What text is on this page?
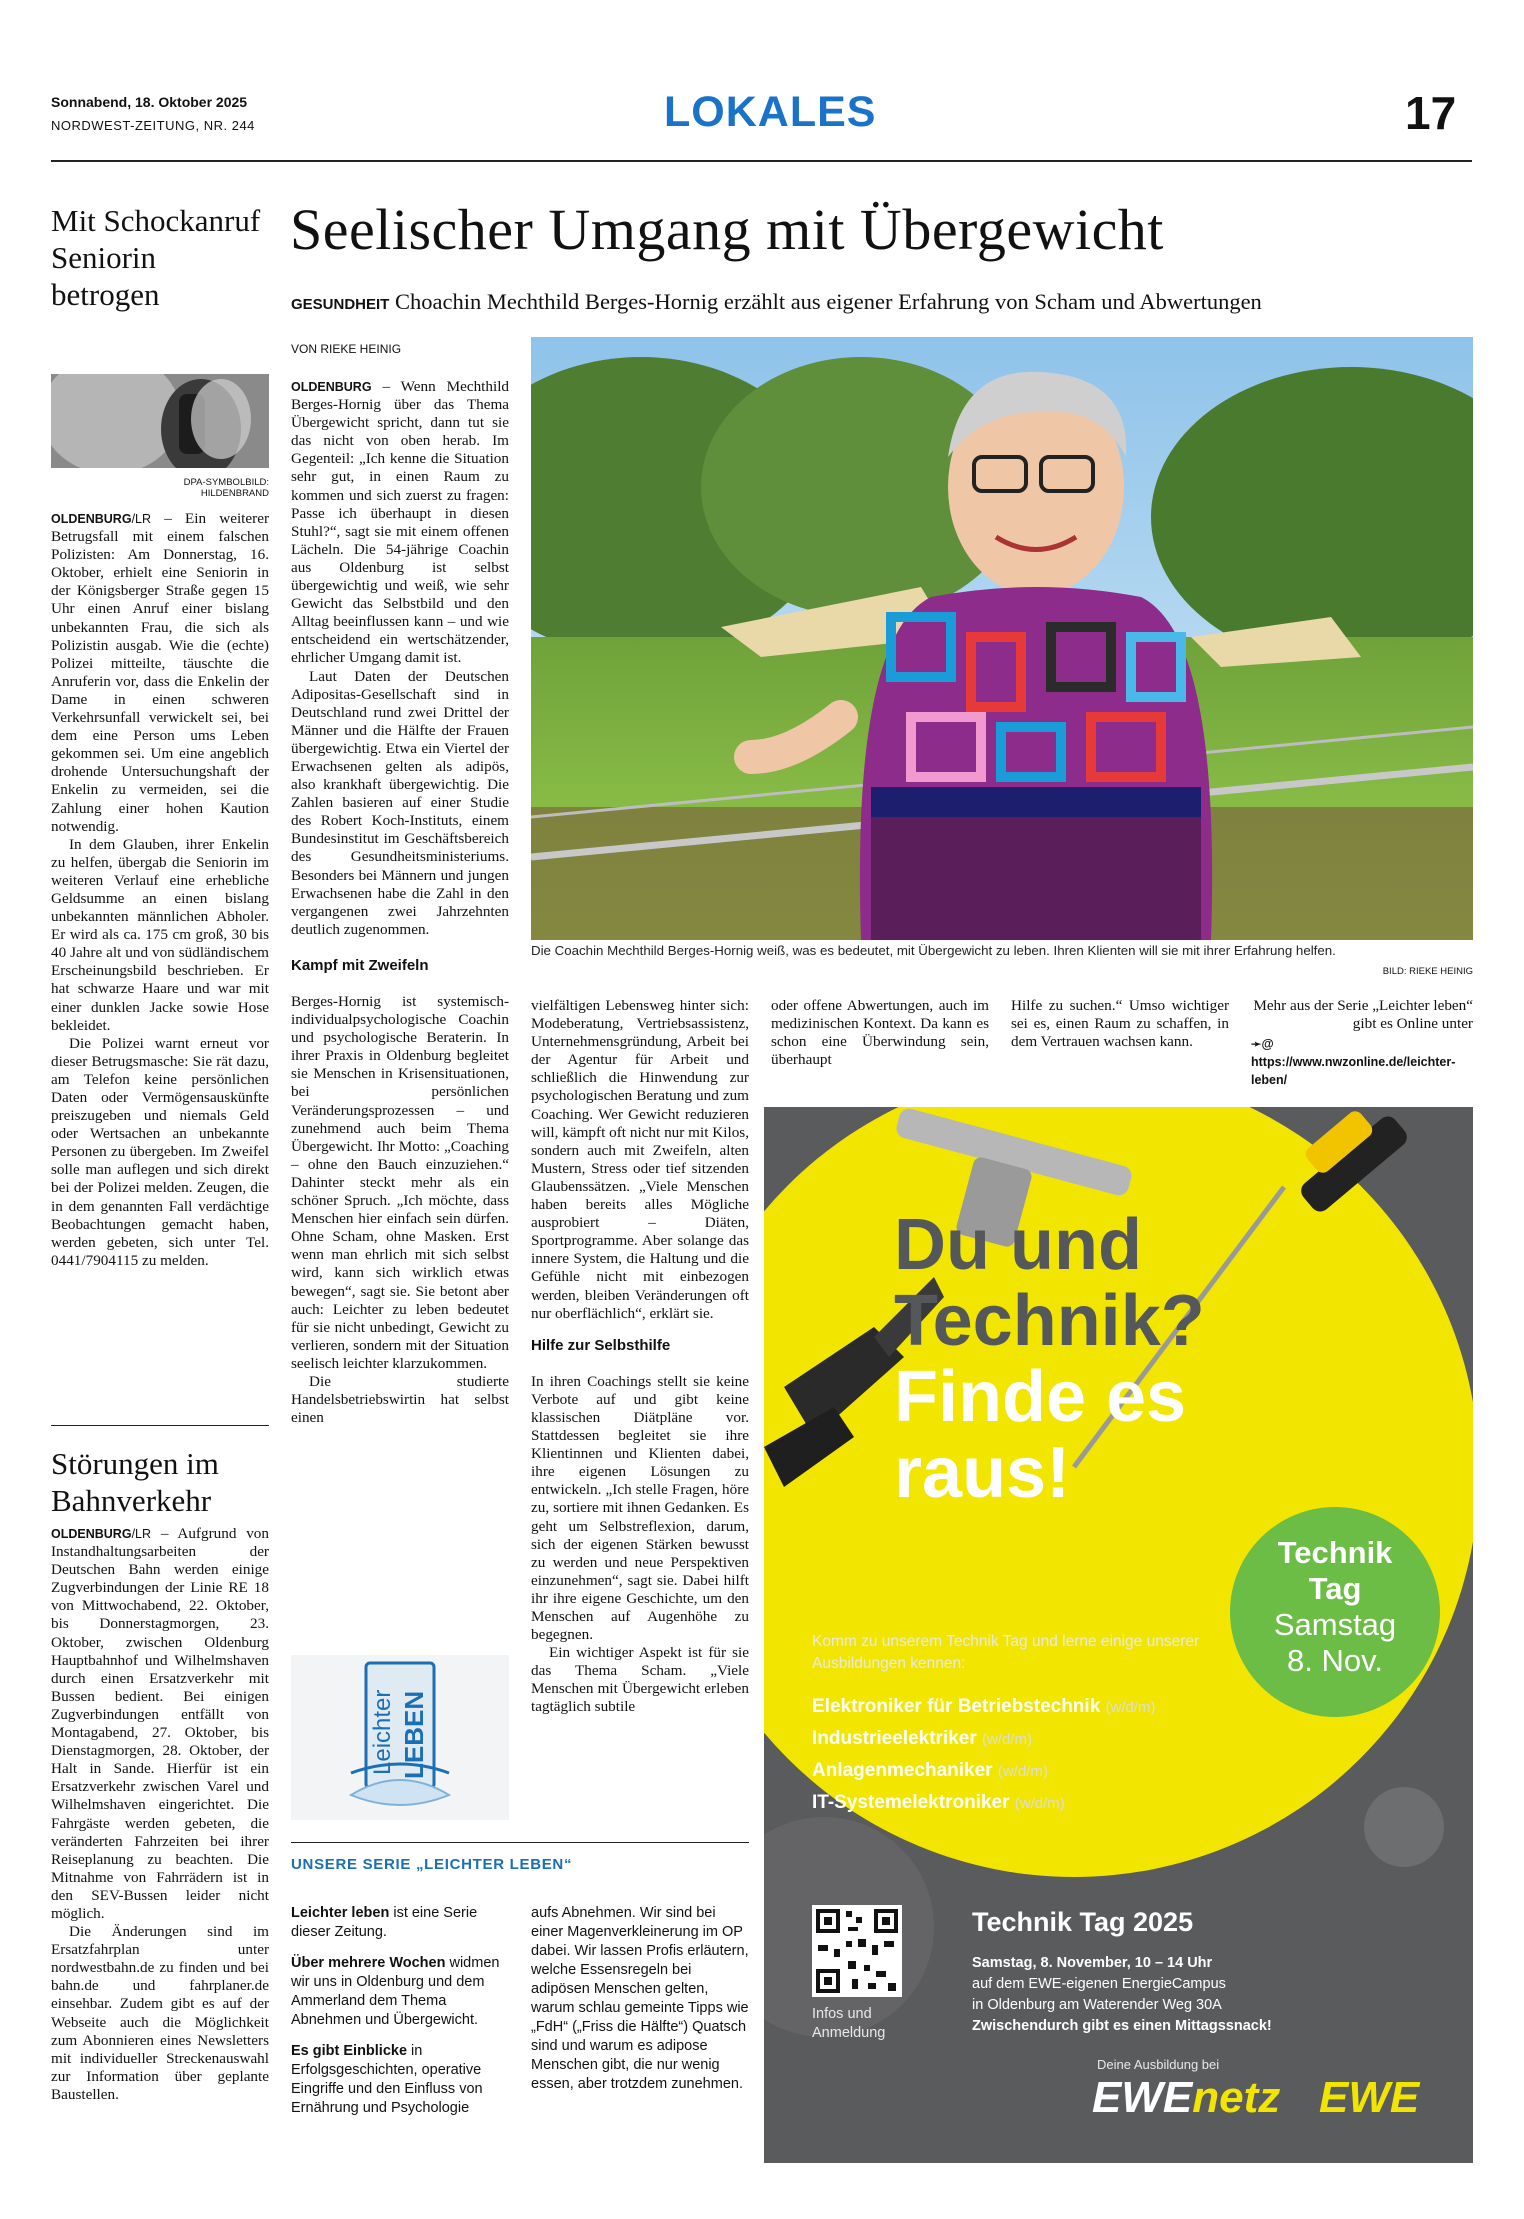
Sonnabend, 18. Oktober 2025
NORDWEST-ZEITUNG, NR. 244	LOKALES	17
Mit Schockanruf Seniorin betrogen
DPA-SYMBOLBILD: HILDENBRAND

OLDENBURG/LR – Ein weiterer Betrugsfall mit einem falschen Polizisten: Am Donnerstag, 16. Oktober, erhielt eine Seniorin in der Königsberger Straße gegen 15 Uhr einen Anruf einer bislang unbekannten Frau, die sich als Polizistin ausgab. Wie die (echte) Polizei mitteilte, täuschte die Anruferin vor, dass die Enkelin der Dame in einen schweren Verkehrsunfall verwickelt sei, bei dem eine Person ums Leben gekommen sei. Um eine angeblich drohende Untersuchungshaft der Enkelin zu vermeiden, sei die Zahlung einer hohen Kaution notwendig.

In dem Glauben, ihrer Enkelin zu helfen, übergab die Seniorin im weiteren Verlauf eine erhebliche Geldsumme an einen bislang unbekannten männlichen Abholer. Er wird als ca. 175 cm groß, 30 bis 40 Jahre alt und von südländischem Erscheinungsbild beschrieben. Er hat schwarze Haare und war mit einer dunklen Jacke sowie Hose bekleidet.

Die Polizei warnt erneut vor dieser Betrugsmasche: Sie rät dazu, am Telefon keine persönlichen Daten oder Vermögensauskünfte preiszugeben und niemals Geld oder Wertsachen an unbekannte Personen zu übergeben. Im Zweifel solle man auflegen und sich direkt bei der Polizei melden. Zeugen, die in dem genannten Fall verdächtige Beobachtungen gemacht haben, werden gebeten, sich unter Tel. 0441/7904115 zu melden.

Störungen im Bahnverkehr

OLDENBURG/LR – Aufgrund von Instandhaltungsarbeiten der Deutschen Bahn werden einige Zugverbindungen der Linie RE 18 von Mittwochabend, 22. Oktober, bis Donnerstagmorgen, 23. Oktober, zwischen Oldenburg Hauptbahnhof und Wilhelmshaven durch einen Ersatzverkehr mit Bussen bedient. Bei einigen Zugverbindungen entfällt von Montagabend, 27. Oktober, bis Dienstagmorgen, 28. Oktober, der Halt in Sande. Hierfür ist ein Ersatzverkehr zwischen Varel und Wilhelmshaven eingerichtet. Die Fahrgäste werden gebeten, die veränderten Fahrzeiten bei ihrer Reiseplanung zu beachten. Die Mitnahme von Fahrrädern ist in den SEV-Bussen leider nicht möglich.

Die Änderungen sind im Ersatzfahrplan unter nordwestbahn.de zu finden und bei bahn.de und fahrplaner.de einsehbar. Zudem gibt es auf der Webseite auch die Möglichkeit zum Abonnieren eines Newsletters mit individueller Streckenauswahl zur Information über geplante Baustellen.

Seelischer Umgang mit Übergewicht
GESUNDHEIT Choachin Mechthild Berges-Hornig erzählt aus eigener Erfahrung von Scham und Abwertungen
VON RIEKE HEINIG

OLDENBURG – Wenn Mechthild Berges-Hornig über das Thema Übergewicht spricht, dann tut sie das nicht von oben herab. Im Gegenteil: „Ich kenne die Situation sehr gut, in einen Raum zu kommen und sich zuerst zu fragen: Passe ich überhaupt in diesen Stuhl?“, sagt sie mit einem offenen Lächeln. Die 54-jährige Coachin aus Oldenburg ist selbst übergewichtig und weiß, wie sehr Gewicht das Selbstbild und den Alltag beeinflussen kann – und wie entscheidend ein wertschätzender, ehrlicher Umgang damit ist.

Laut Daten der Deutschen Adipositas-Gesellschaft sind in Deutschland rund zwei Drittel der Männer und die Hälfte der Frauen übergewichtig. Etwa ein Viertel der Erwachsenen gelten als adipös, also krankhaft übergewichtig. Die Zahlen basieren auf einer Studie des Robert Koch-Instituts, einem Bundesinstitut im Geschäftsbereich des Gesundheitsministeriums. Besonders bei Männern und jungen Erwachsenen habe die Zahl in den vergangenen zwei Jahrzehnten deutlich zugenommen.

Kampf mit Zweifeln

Berges-Hornig ist systemisch-individualpsychologische Coachin und psychologische Beraterin. In ihrer Praxis in Oldenburg begleitet sie Menschen in Krisensituationen, bei persönlichen Veränderungsprozessen – und zunehmend auch beim Thema Übergewicht. Ihr Motto: „Coaching – ohne den Bauch einzuziehen.“ Dahinter steckt mehr als ein schöner Spruch. „Ich möchte, dass Menschen hier einfach sein dürfen. Ohne Scham, ohne Masken. Erst wenn man ehrlich mit sich selbst wird, kann sich wirklich etwas bewegen“, sagt sie. Sie betont aber auch: Leichter zu leben bedeutet für sie nicht unbedingt, Gewicht zu verlieren, sondern mit der Situation seelisch leichter klarzukommen.

Die studierte Handelsbetriebswirtin hat selbst einen

Die Coachin Mechthild Berges-Hornig weiß, was es bedeutet, mit Übergewicht zu leben. Ihren Klienten will sie mit ihrer Erfahrung helfen.
BILD: RIEKE HEINIG

vielfältigen Lebensweg hinter sich: Modeberatung, Vertriebsassistenz, Unternehmensgründung, Arbeit bei der Agentur für Arbeit und schließlich die Hinwendung zur psychologischen Beratung und zum Coaching. Wer Gewicht reduzieren will, kämpft oft nicht nur mit Kilos, sondern auch mit Zweifeln, alten Mustern, Stress oder tief sitzenden Glaubenssätzen. „Viele Menschen haben bereits alles Mögliche ausprobiert – Diäten, Sportprogramme. Aber solange das innere System, die Haltung und die Gefühle nicht mit einbezogen werden, bleiben Veränderungen oft nur oberflächlich“, erklärt sie.

Hilfe zur Selbsthilfe

In ihren Coachings stellt sie keine Verbote auf und gibt keine klassischen Diätpläne vor. Stattdessen begleitet sie ihre Klientinnen und Klienten dabei, ihre eigenen Lösungen zu entwickeln. „Ich stelle Fragen, höre zu, sortiere mit ihnen Gedanken. Es geht um Selbstreflexion, darum, sich der eigenen Stärken bewusst zu werden und neue Perspektiven einzunehmen“, sagt sie. Dabei hilft ihr ihre eigene Geschichte, um den Menschen auf Augenhöhe zu begegnen.

Ein wichtiger Aspekt ist für sie das Thema Scham. „Viele Menschen mit Übergewicht erleben tagtäglich subtile

oder offene Abwertungen, auch im medizinischen Kontext. Da kann es schon eine Überwindung sein, überhaupt
Hilfe zu suchen.“ Umso wichtiger sei es, einen Raum zu schaffen, in dem Vertrauen wachsen kann.
Mehr aus der Serie „Leichter leben“ gibt es Online unter
➛@ https://www.nwzonline.de/leichter-leben/
Leichter LEBEN
UNSERE SERIE „LEICHTER LEBEN“

Leichter leben ist eine Serie dieser Zeitung.

Über mehrere Wochen widmen wir uns in Oldenburg und dem Ammerland dem Thema Abnehmen und Übergewicht.

Es gibt Einblicke in Erfolgsgeschichten, operative Eingriffe und den Einfluss von Ernährung und Psychologie

aufs Abnehmen. Wir sind bei einer Magenverkleinerung im OP dabei. Wir lassen Profis erläutern, welche Essensregeln bei adipösen Menschen gelten, warum schlau gemeinte Tipps wie „FdH“ („Friss die Hälfte“) Quatsch sind und warum es adipose Menschen gibt, die nur wenig essen, aber trotzdem zunehmen.
Du und
Technik?
Finde es
raus!
Technik
Tag
Samstag
8. Nov.
Komm zu unserem Technik Tag und lerne einige unserer Ausbildungen kennen:
Elektroniker für Betriebstechnik (w/d/m)
Industrieelektriker (w/d/m)
Anlagenmechaniker (w/d/m)
IT-Systemelektroniker (w/d/m)
Infos und Anmeldung
Technik Tag 2025
Samstag, 8. November, 10 – 14 Uhr
auf dem EWE-eigenen EnergieCampus
in Oldenburg am Waterender Weg 30A
Zwischendurch gibt es einen Mittagssnack!
Deine Ausbildung bei
EWEnetz EWE
